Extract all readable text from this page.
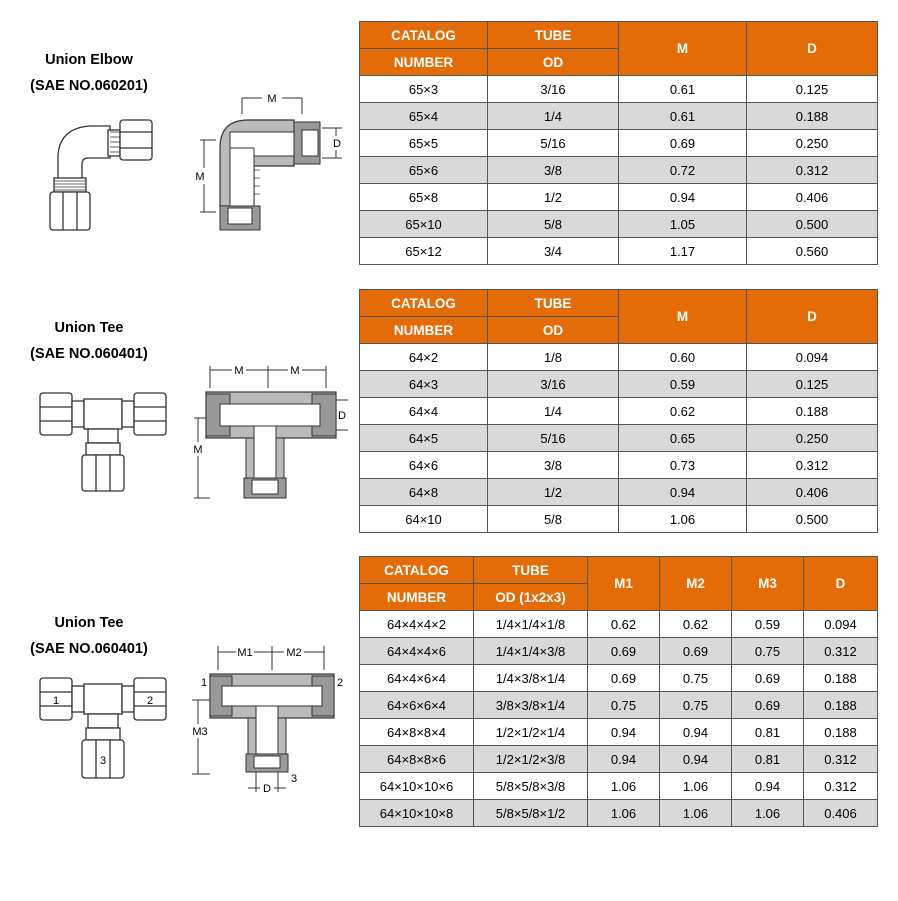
Union Elbow
(SAE NO.060201)
M
M
D
CATALOG	TUBE	M	D
NUMBER	OD		
65×3	3/16	0.61	0.125
65×4	1/4	0.61	0.188
65×5	5/16	0.69	0.250
65×6	3/8	0.72	0.312
65×8	1/2	0.94	0.406
65×10	5/8	1.05	0.500
65×12	3/4	1.17	0.560
Union Tee
(SAE NO.060401)
M	M
M
D
CATALOG	TUBE	M	D
NUMBER	OD		
64×2	1/8	0.60	0.094
64×3	3/16	0.59	0.125
64×4	1/4	0.62	0.188
64×5	5/16	0.65	0.250
64×6	3/8	0.73	0.312
64×8	1/2	0.94	0.406
64×10	5/8	1.06	0.500
Union Tee
(SAE NO.060401)
1	2
3
M1	M2
M3
D
1	2
3
CATALOG	TUBE	M1	M2	M3	D
NUMBER	OD (1x2x3)				
64×4×4×2	1/4×1/4×1/8	0.62	0.62	0.59	0.094
64×4×4×6	1/4×1/4×3/8	0.69	0.69	0.75	0.312
64×4×6×4	1/4×3/8×1/4	0.69	0.75	0.69	0.188
64×6×6×4	3/8×3/8×1/4	0.75	0.75	0.69	0.188
64×8×8×4	1/2×1/2×1/4	0.94	0.94	0.81	0.188
64×8×8×6	1/2×1/2×3/8	0.94	0.94	0.81	0.312
64×10×10×6	5/8×5/8×3/8	1.06	1.06	0.94	0.312
64×10×10×8	5/8×5/8×1/2	1.06	1.06	1.06	0.406
